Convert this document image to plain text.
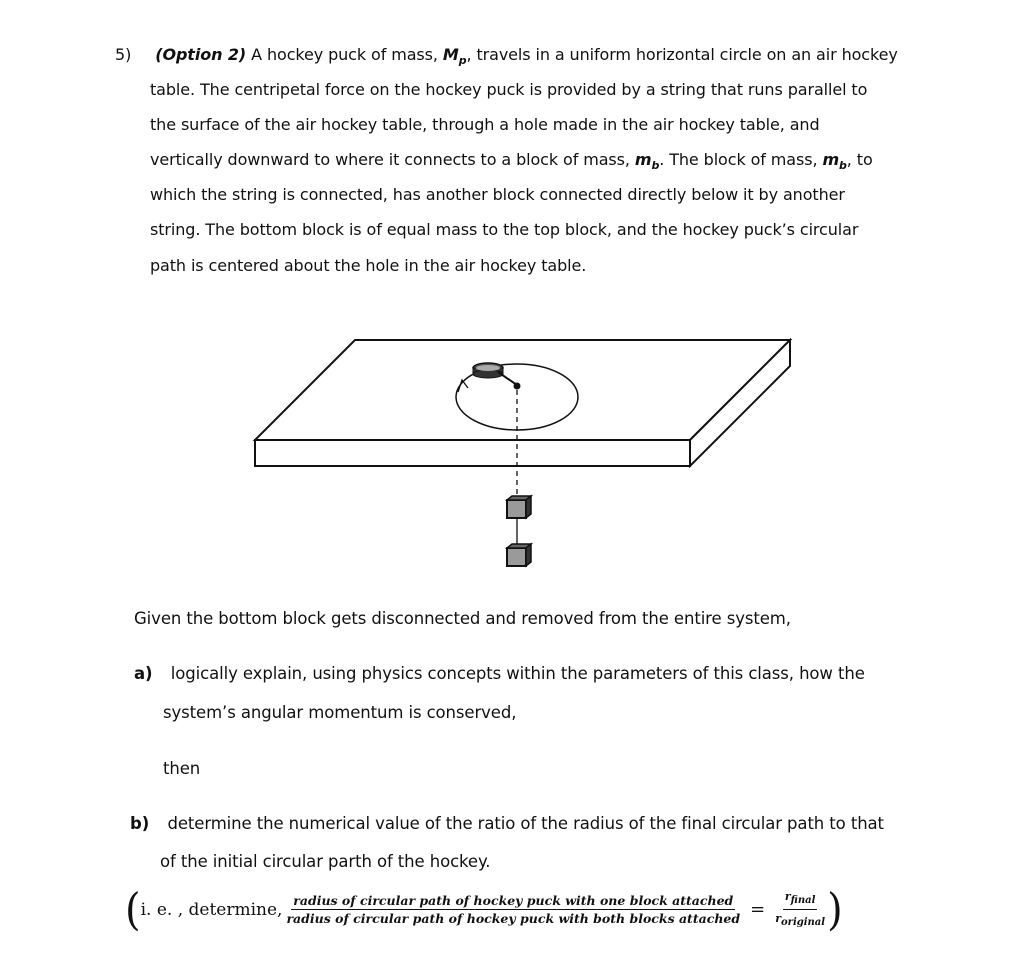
5) (Option 2) A hockey puck of mass, $M_p$, travels in a uniform horizontal circle on an air hockey
table. The centripetal force on the hockey puck is provided by a string that runs parallel to
the surface of the air hockey table, through a hole made in the air hockey table, and
vertically downward to where it connects to a block of mass, $m_b$. The block of mass, $m_b$, to
which the string is connected, has another block connected directly below it by another
string. The bottom block is of equal mass to the top block, and the hockey puck’s circular
path is centered about the hole in the air hockey table.
Given the bottom block gets disconnected and removed from the entire system,
a) logically explain, using physics concepts within the parameters of this class, how the
system’s angular momentum is conserved,
then
b) determine the numerical value of the ratio of the radius of the final circular path to that
of the initial circular parth of the hockey.
( i. e. , determine, radius of circular path of hockey puck with one block attached
radius of circular path of hockey puck with both blocks attached = $\frac{r_{final}}{r_{original}}$ )
